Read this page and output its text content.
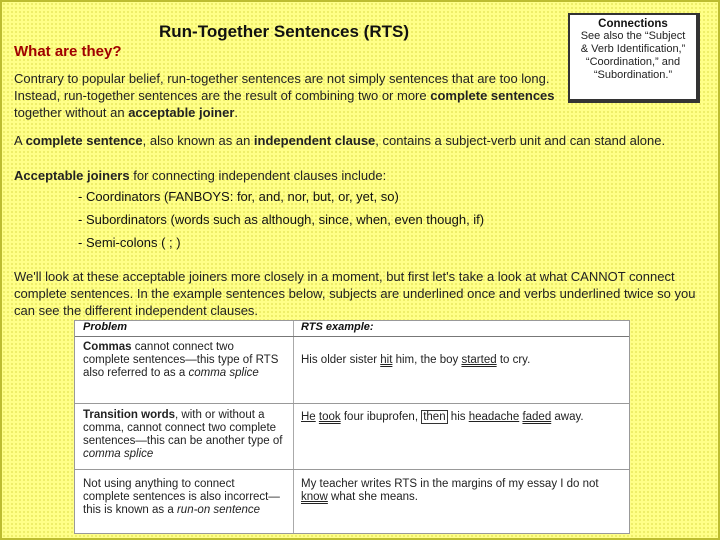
Run-Together Sentences (RTS)
What are they?
Connections
See also the “Subject
& Verb Identification,”
“Coordination,” and
“Subordination.”
Contrary to popular belief, run-together sentences are not simply sentences that are too long. Instead, run-together sentences are the result of combining two or more complete sentences together without an acceptable joiner.
A complete sentence, also known as an independent clause, contains a subject-verb unit and can stand alone.
Acceptable joiners for connecting independent clauses include:
- Coordinators (FANBOYS: for, and, nor, but, or, yet, so)
- Subordinators (words such as although, since, when, even though, if)
- Semi-colons ( ; )
We'll look at these acceptable joiners more closely in a moment, but first let's take a look at what CANNOT connect complete sentences. In the example sentences below, subjects are underlined once and verbs underlined twice so you can see the different independent clauses.
Problem	RTS example:
Commas cannot connect two complete sentences—this type of RTS also referred to as a comma splice
His older sister hit him, the boy started to cry.
Transition words, with or without a comma, cannot connect two complete sentences—this can be another type of comma splice
He took four ibuprofen, then his headache faded away.
Not using anything to connect complete sentences is also incorrect—this is known as a run-on sentence
My teacher writes RTS in the margins of my essay I do not know what she means.
